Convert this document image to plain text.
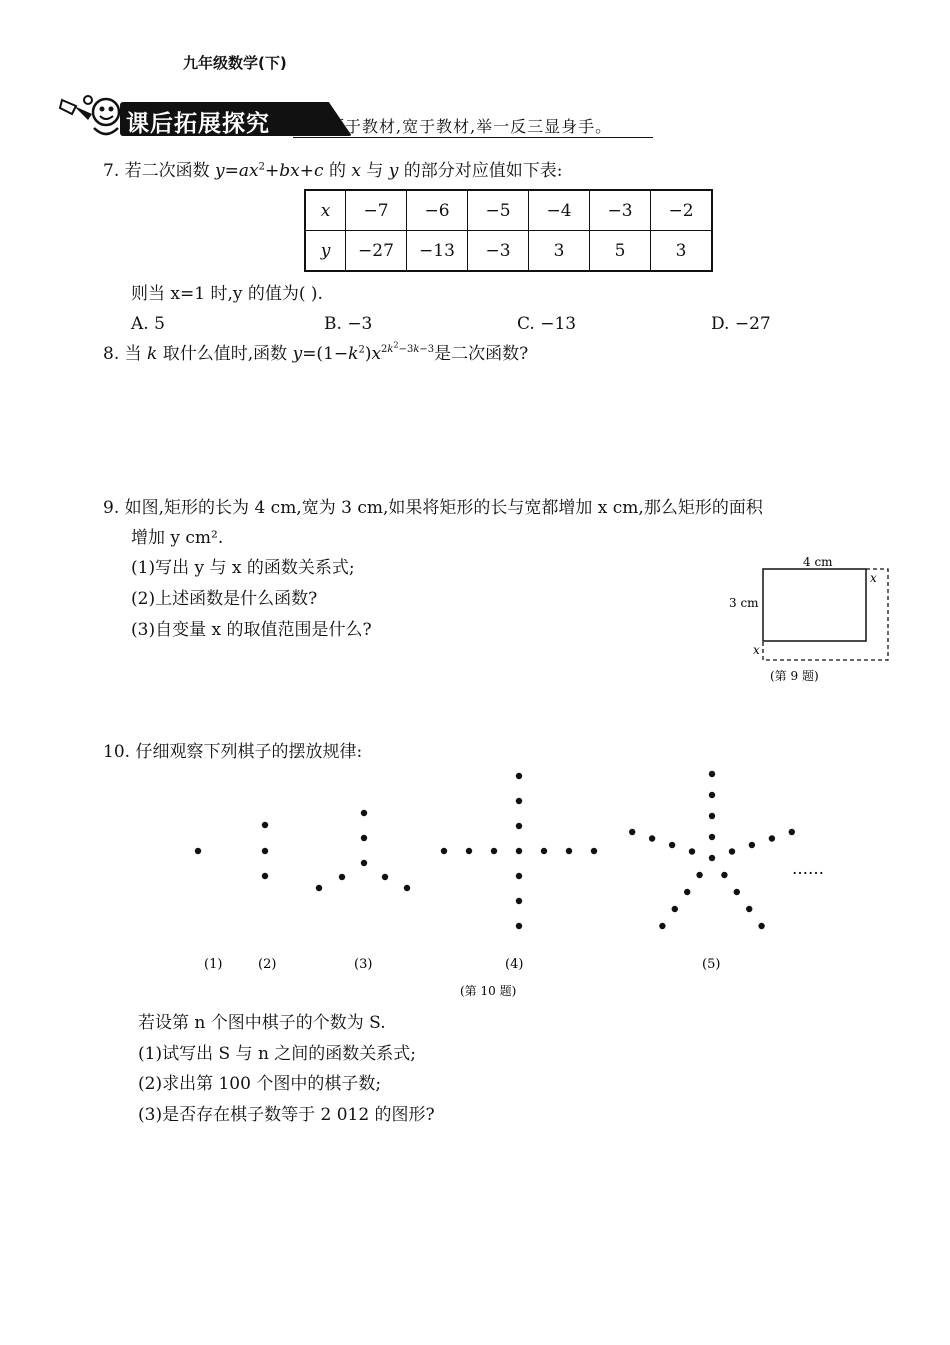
九年级数学(下)
课后拓展探究	源于教材,宽于教材,举一反三显身手。
7. 若二次函数 $y=ax^2+bx+c$ 的 x 与 y 的部分对应值如下表:
x	−7	−6	−5	−4	−3	−2
y	−27	−13	−3	3	5	3
则当 x=1 时,y 的值为( ).
A. 5	B. −3	C. −13	D. −27
8. 当 k 取什么值时,函数 $y=(1-k^2)x^{2k^2-3k-3}$是二次函数?
9. 如图,矩形的长为 4 cm,宽为 3 cm,如果将矩形的长与宽都增加 x cm,那么矩形的面积
增加 y cm².
(1)写出 y 与 x 的函数关系式;
(2)上述函数是什么函数?
(3)自变量 x 的取值范围是什么?
4 cm
3 cm
x
x
(第 9 题)
10. 仔细观察下列棋子的摆放规律:
(1)	(2)	(3)	(4)	(5)
……
(第 10 题)
若设第 n 个图中棋子的个数为 S.
(1)试写出 S 与 n 之间的函数关系式;
(2)求出第 100 个图中的棋子数;
(3)是否存在棋子数等于 2 012 的图形?
